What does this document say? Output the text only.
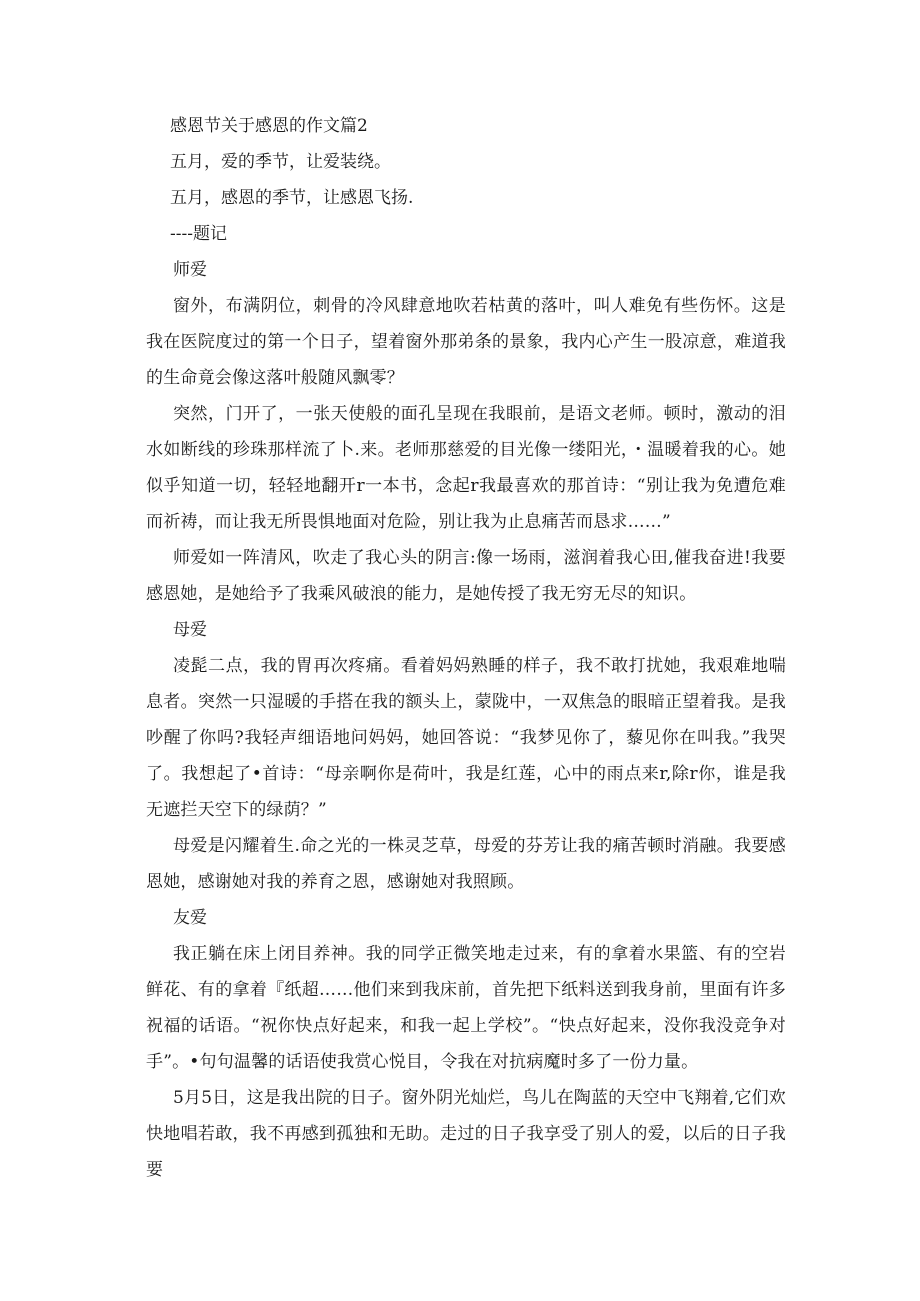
感恩节关于感恩的作文篇2

五月，爱的季节，让爱装绕。

五月，感恩的季节，让感恩飞扬.

----题记

师爱

窗外，布满阴位，刺骨的冷风肆意地吹若枯黄的落叶，叫人难免有些伤怀。这是我在医院度过的第一个日子，望着窗外那弟条的景象，我内心产生一股凉意，难道我的生命竟会像这落叶般随风飘零？

突然，门开了，一张天使般的面孔呈现在我眼前，是语文老师。顿时，激动的泪水如断线的珍珠那样流了卜.来。老师那慈爱的目光像一缕阳光，・温暖着我的心。她似乎知道一切，轻轻地翻开r一本书，念起r我最喜欢的那首诗：“别让我为免遭危难而祈祷，而让我无所畏惧地面对危险，别让我为止息痛苦而恳求……”

师爱如一阵清风，吹走了我心头的阴言:像一场雨，滋润着我心田,催我奋进!我要感恩她，是她给予了我乘风破浪的能力，是她传授了我无穷无尽的知识。

母爱

凌髭二点，我的胃再次疼痛。看着妈妈熟睡的样子，我不敢打扰她，我艰难地喘息者。突然一只湿暖的手搭在我的额头上，蒙陇中，一双焦急的眼暗正望着我。是我吵醒了你吗?我轻声细语地问妈妈，她回答说：“我梦见你了，藜见你在叫我。”我哭了。我想起了•首诗：“母亲啊你是荷叶，我是红莲，心中的雨点来r,除r你，谁是我无遮拦天空下的绿荫？”

母爱是闪耀着生.命之光的一株灵芝草，母爱的芬芳让我的痛苦顿时消融。我要感恩她，感谢她对我的养育之恩，感谢她对我照顾。

友爱

我正躺在床上闭目养神。我的同学正微笑地走过来，有的拿着水果篮、有的空岩鲜花、有的拿着『纸超……他们来到我床前，首先把下纸料送到我身前，里面有许多祝福的话语。“祝你快点好起来，和我一起上学校”。“快点好起来，没你我没竞争对手”。•句句温馨的话语使我赏心悦目，令我在对抗病魔时多了一份力量。

5月5日，这是我出院的日子。窗外阴光灿烂，鸟儿在陶蓝的天空中飞翔着,它们欢快地唱若敢，我不再感到孤独和无助。走过的日子我享受了别人的爱，以后的日子我要
